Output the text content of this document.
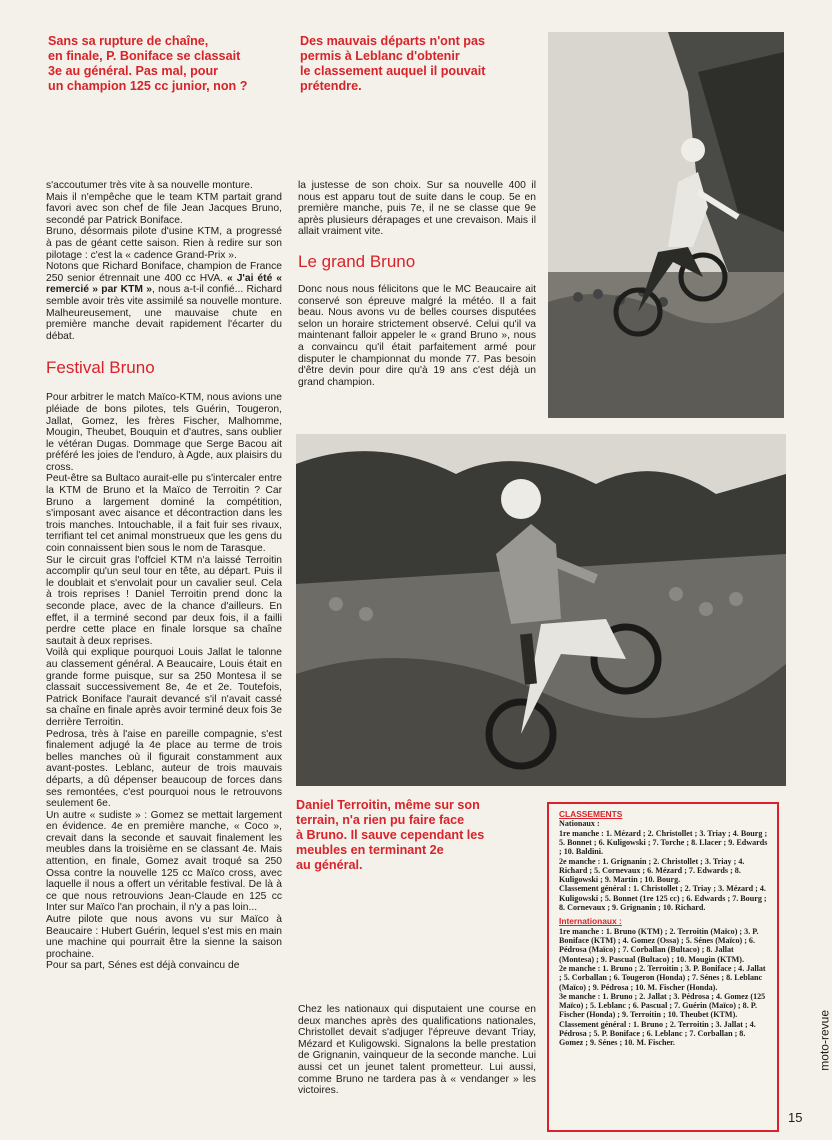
Sans sa rupture de chaîne,
en finale, P. Boniface se classait
3e au général. Pas mal, pour
un champion 125 cc junior, non ?
Des mauvais départs n'ont pas
permis à Leblanc d'obtenir
le classement auquel il pouvait
prétendre.

s'accoutumer très vite à sa nouvelle monture.

Mais il n'empêche que le team KTM partait grand favori avec son chef de file Jean Jacques Bruno, secondé par Patrick Boniface.

Bruno, désormais pilote d'usine KTM, a progressé à pas de géant cette saison. Rien à redire sur son pilotage : c'est la « cadence Grand-Prix ».

Notons que Richard Boniface, champion de France 250 senior étrennait une 400 cc HVA. « J'ai été « remercié » par KTM », nous a-t-il confié... Richard semble avoir très vite assimilé sa nouvelle monture. Malheureusement, une mauvaise chute en première manche devait rapidement l'écarter du débat.

Festival Bruno

Pour arbitrer le match Maïco-KTM, nous avions une pléiade de bons pilotes, tels Guérin, Tougeron, Jallat, Gomez, les frères Fischer, Malhomme, Mougin, Theubet, Bouquin et d'autres, sans oublier le vétéran Dugas. Dommage que Serge Bacou ait préféré les joies de l'enduro, à Agde, aux plaisirs du cross.

Peut-être sa Bultaco aurait-elle pu s'intercaler entre la KTM de Bruno et la Maïco de Terroitin ? Car Bruno a largement dominé la compétition, s'imposant avec aisance et décontraction dans les trois manches. Intouchable, il a fait fuir ses rivaux, terrifiant tel cet animal monstrueux que les gens du coin connaissent bien sous le nom de Tarasque.

Sur le circuit gras l'offciel KTM n'a laissé Terroitin accomplir qu'un seul tour en tête, au départ. Puis il le doublait et s'envolait pour un cavalier seul. Cela à trois reprises ! Daniel Terroitin prend donc la seconde place, avec de la chance d'ailleurs. En effet, il a terminé second par deux fois, il a failli perdre cette place en finale lorsque sa chaîne sautait à deux reprises.

Voilà qui explique pourquoi Louis Jallat le talonne au classement général. A Beaucaire, Louis était en grande forme puisque, sur sa 250 Montesa il se classait successivement 8e, 4e et 2e. Toutefois, Patrick Boniface l'aurait devancé s'il n'avait cassé sa chaîne en finale après avoir terminé deux fois 3e derrière Terroitin.

Pedrosa, très à l'aise en pareille compagnie, s'est finalement adjugé la 4e place au terme de trois belles manches où il figurait constamment aux avant-postes. Leblanc, auteur de trois mauvais départs, a dû dépenser beaucoup de forces dans ses remontées, c'est pourquoi nous le retrouvons seulement 6e.

Un autre « sudiste » : Gomez se mettait largement en évidence. 4e en première manche, « Coco », crevait dans la seconde et sauvait finalement les meubles dans la troisième en se classant 4e. Mais attention, en finale, Gomez avait troqué sa 250 Ossa contre la nouvelle 125 cc Maïco cross, avec laquelle il nous a offert un véritable festival. De là à ce que nous retrouvions Jean-Claude en 125 cc Inter sur Maïco l'an prochain, il n'y a pas loin...

Autre pilote que nous avons vu sur Maïco à Beaucaire : Hubert Guérin, lequel s'est mis en main une machine qui pourrait être la sienne la saison prochaine.

Pour sa part, Sénes est déjà convaincu de

la justesse de son choix. Sur sa nouvelle 400 il nous est apparu tout de suite dans le coup. 5e en première manche, puis 7e, il ne se classe que 9e après plusieurs dérapages et une crevaison. Mais il allait vraiment vite.

Le grand Bruno

Donc nous nous félicitons que le MC Beaucaire ait conservé son épreuve malgré la météo. Il a fait beau. Nous avons vu de belles courses disputées selon un horaire strictement observé. Celui qu'il va maintenant falloir appeler le « grand Bruno », nous a convaincu qu'il était parfaitement armé pour disputer le championnat du monde 77. Pas besoin d'être devin pour dire qu'à 19 ans c'est déjà un grand champion.

Daniel Terroitin, même sur son
terrain, n'a rien pu faire face
à Bruno. Il sauve cependant les
meubles en terminant 2e
au général.

Chez les nationaux qui disputaient une course en deux manches après des qualifications nationales, Christollet devait s'adjuger l'épreuve devant Triay, Mézard et Kuligowski. Signalons la belle prestation de Grignanin, vainqueur de la seconde manche. Lui aussi cet un jeunet talent prometteur. Lui aussi, comme Bruno ne tardera pas à « vendanger » les victoires.

CLASSEMENTS
Nationaux :

1re manche : 1. Mézard ; 2. Christollet ; 3. Triay ; 4. Bourg ; 5. Bonnet ; 6. Kuligowski ; 7. Torche ; 8. Llacer ; 9. Edwards ; 10. Baldini.

2e manche : 1. Grignanin ; 2. Christollet ; 3. Triay ; 4. Richard ; 5. Cornevaux ; 6. Mézard ; 7. Edwards ; 8. Kuligowski ; 9. Martin ; 10. Bourg.

Classement général : 1. Christollet ; 2. Triay ; 3. Mézard ; 4. Kuligowski ; 5. Bonnet (1re 125 cc) ; 6. Edwards ; 7. Bourg ; 8. Cornevaux ; 9. Grignanin ; 10. Richard.

Internationaux :

1re manche : 1. Bruno (KTM) ; 2. Terroitin (Maïco) ; 3. P. Boniface (KTM) ; 4. Gomez (Ossa) ; 5. Sénes (Maïco) ; 6. Pédrosa (Maïco) ; 7. Corballan (Bultaco) ; 8. Jallat (Montesa) ; 9. Pascual (Bultaco) ; 10. Mougin (KTM).

2e manche : 1. Bruno ; 2. Terroitin ; 3. P. Boniface ; 4. Jallat ; 5. Corballan ; 6. Tougeron (Honda) ; 7. Sénes ; 8. Leblanc (Maïco) ; 9. Pédrosa ; 10. M. Fischer (Honda).

3e manche : 1. Bruno ; 2. Jallat ; 3. Pédrosa ; 4. Gomez (125 Maïco) ; 5. Leblanc ; 6. Pascual ; 7. Guérin (Maïco) ; 8. P. Fischer (Honda) ; 9. Terroitin ; 10. Theubet (KTM).

Classement général : 1. Bruno ; 2. Terroitin ; 3. Jallat ; 4. Pédrosa ; 5. P. Boniface ; 6. Leblanc ; 7. Corballan ; 8. Gomez ; 9. Sénes ; 10. M. Fischer.	moto-revue
15
